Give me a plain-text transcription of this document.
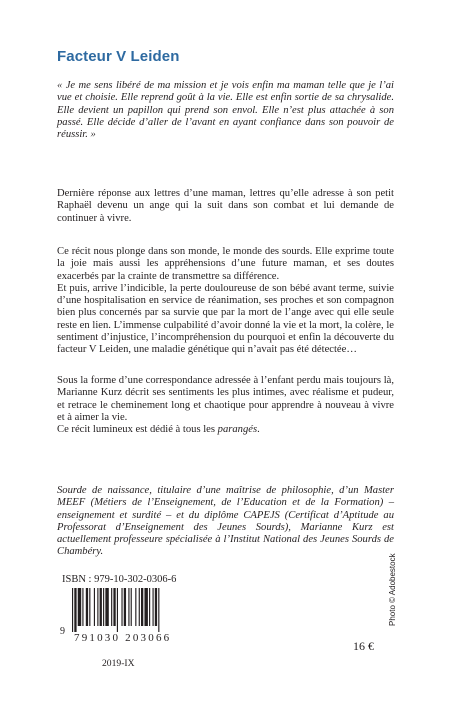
Facteur V Leiden

« Je me sens libéré de ma mission et je vois enfin ma maman telle que je l’ai vue et choisie. Elle reprend goût à la vie. Elle est enfin sortie de sa chrysalide. Elle devient un papillon qui prend son envol. Elle n’est plus attachée à son passé. Elle décide d’aller de l’avant en ayant confiance dans son pouvoir de réussir. »

Dernière réponse aux lettres d’une maman, lettres qu’elle adresse à son petit Raphaël devenu un ange qui la suit dans son combat et lui demande de continuer à vivre.

Ce récit nous plonge dans son monde, le monde des sourds. Elle exprime toute la joie mais aussi les appréhensions d’une future maman, et ses doutes exacerbés par la crainte de transmettre sa différence.

Et puis, arrive l’indicible, la perte douloureuse de son bébé avant terme, suivie d’une hospitalisation en service de réanimation, ses proches et son compagnon bien plus concernés par sa survie que par la mort de l’ange avec qui elle seule reste en lien. L’immense culpabilité d’avoir donné la vie et la mort, la colère, le sentiment d’injustice, l’incompréhension du pourquoi et enfin la découverte du facteur V Leiden, une maladie génétique qui n’avait pas été détectée…

Sous la forme d’une correspondance adressée à l’enfant perdu mais toujours là, Marianne Kurz décrit ses sentiments les plus intimes, avec réalisme et pudeur, et retrace le cheminement long et chaotique pour apprendre à nouveau à vivre et à aimer la vie.

Ce récit lumineux est dédié à tous les parangés.

Sourde de naissance, titulaire d’une maîtrise de philosophie, d’un Master MEEF (Métiers de l’Enseignement, de l’Education et de la Formation) – enseignement et surdité – et du diplôme CAPEJS (Certificat d’Aptitude au Professorat d’Enseignement des Jeunes Sourds), Marianne Kurz est actuellement professeure spécialisée à l’Institut National des Jeunes Sourds de Chambéry.

ISBN : 979-10-302-0306-6
9
791030 203066
2019-IX
16 €
Photo © Adobestock
